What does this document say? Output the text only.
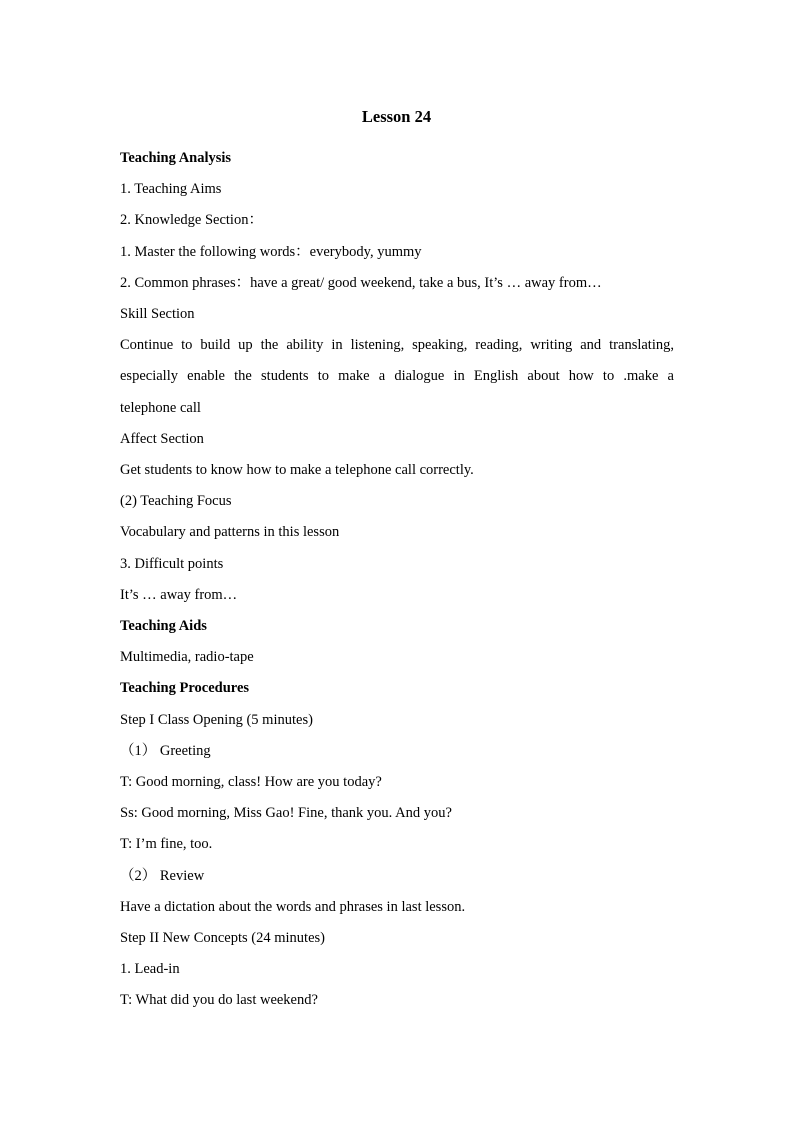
Lesson 24

Teaching Analysis

1. Teaching Aims

2. Knowledge Section：

1. Master the following words：everybody, yummy

2. Common phrases：have a great/ good weekend, take a bus, It’s … away from…

Skill Section

Continue to build up the ability in listening, speaking, reading, writing and translating,

especially enable the students to make a dialogue in English about how to .make a

telephone call

Affect Section

Get students to know how to make a telephone call correctly.

(2) Teaching Focus

Vocabulary and patterns in this lesson

3. Difficult points

It’s … away from…

Teaching Aids

Multimedia, radio-tape

Teaching Procedures

Step I Class Opening (5 minutes)

（1） Greeting

T: Good morning, class! How are you today?

Ss: Good morning, Miss Gao! Fine, thank you. And you?

T: I’m fine, too.

（2） Review

Have a dictation about the words and phrases in last lesson.

Step II New Concepts (24 minutes)

1. Lead-in

T: What did you do last weekend?
